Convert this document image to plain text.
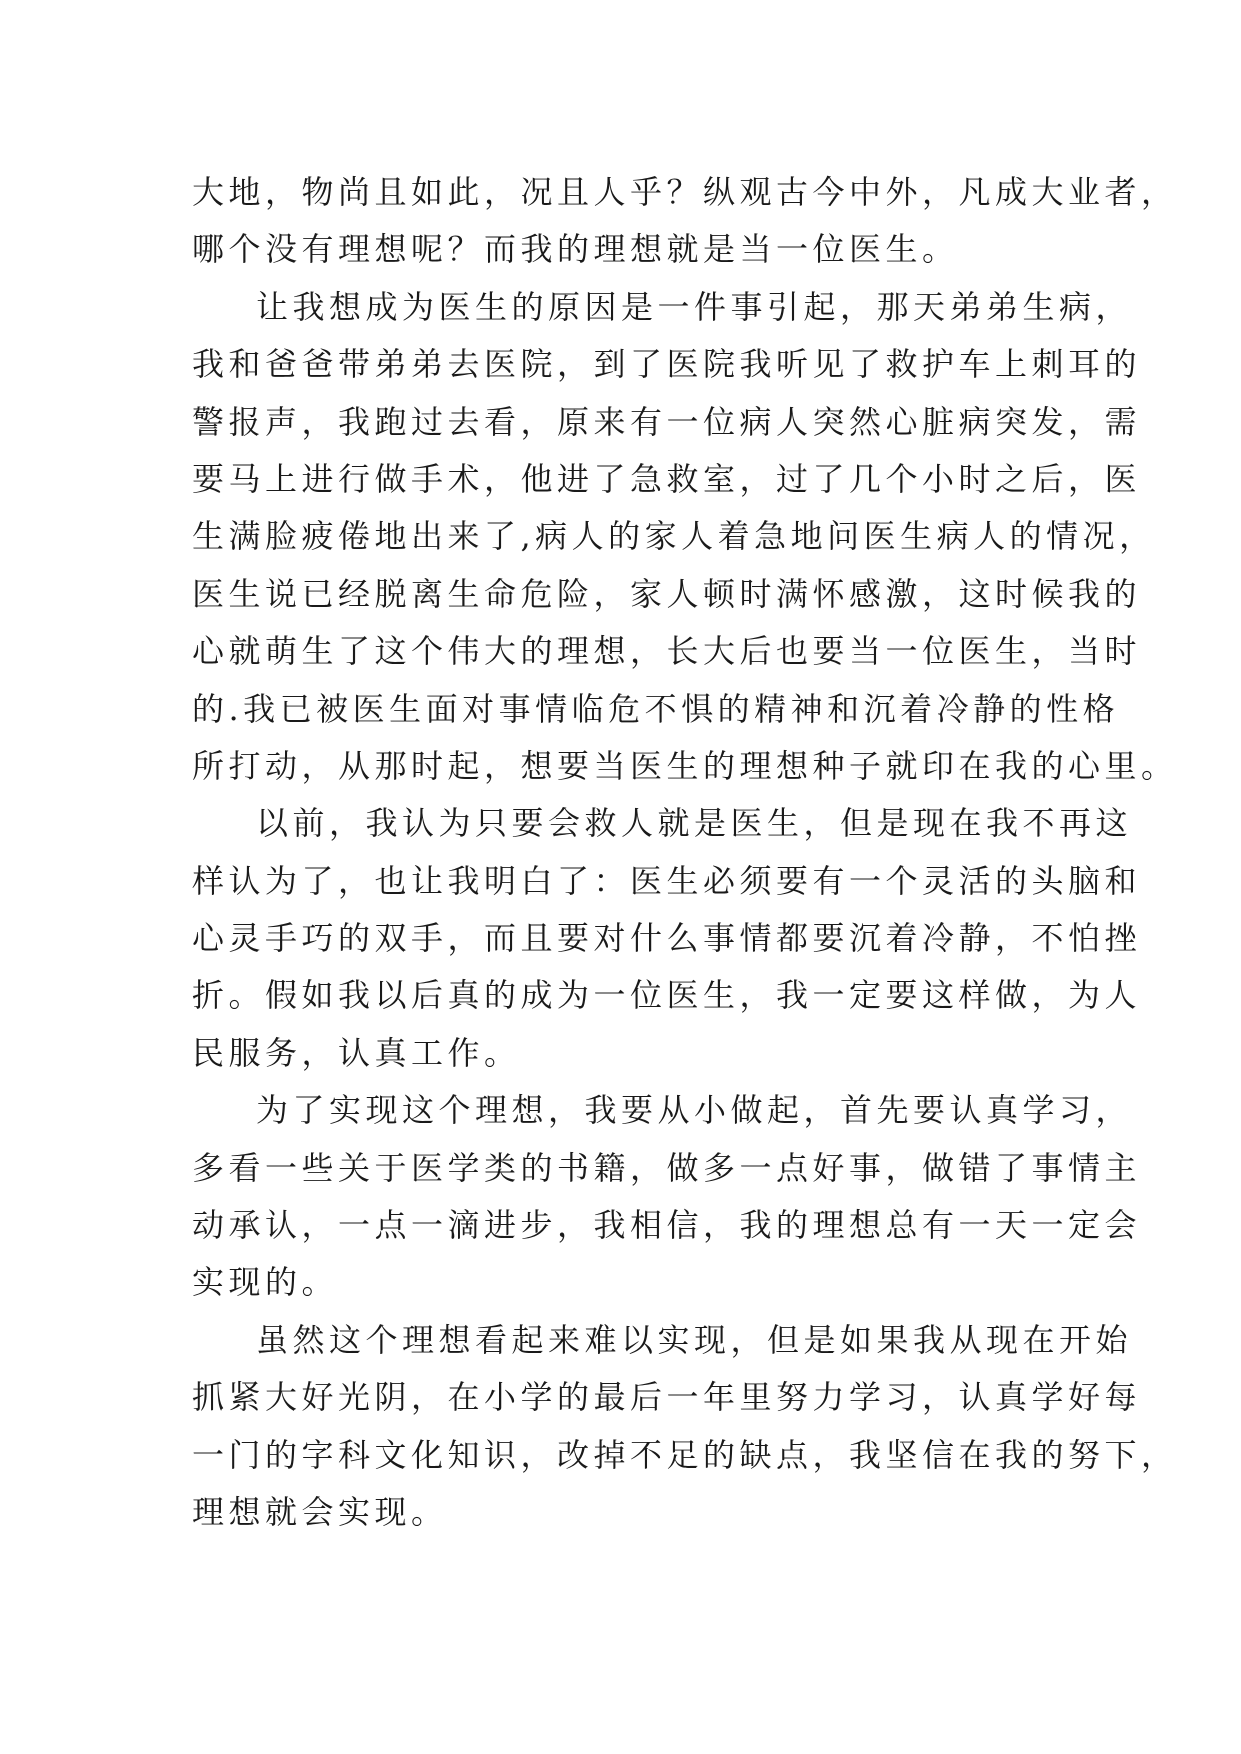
大地，物尚且如此，况且人乎？纵观古今中外，凡成大业者，
哪个没有理想呢？而我的理想就是当一位医生。
让我想成为医生的原因是一件事引起，那天弟弟生病，
我和爸爸带弟弟去医院，到了医院我听见了救护车上刺耳的
警报声，我跑过去看，原来有一位病人突然心脏病突发，需
要马上进行做手术，他进了急救室，过了几个小时之后，医
生满脸疲倦地出来了,病人的家人着急地问医生病人的情况，
医生说已经脱离生命危险，家人顿时满怀感激，这时候我的
心就萌生了这个伟大的理想，长大后也要当一位医生，当时
的.我已被医生面对事情临危不惧的精神和沉着冷静的性格
所打动，从那时起，想要当医生的理想种子就印在我的心里。
以前，我认为只要会救人就是医生，但是现在我不再这
样认为了，也让我明白了：医生必须要有一个灵活的头脑和
心灵手巧的双手，而且要对什么事情都要沉着冷静，不怕挫
折。假如我以后真的成为一位医生，我一定要这样做，为人
民服务，认真工作。
为了实现这个理想，我要从小做起，首先要认真学习，
多看一些关于医学类的书籍，做多一点好事，做错了事情主
动承认，一点一滴进步，我相信，我的理想总有一天一定会
实现的。
虽然这个理想看起来难以实现，但是如果我从现在开始
抓紧大好光阴，在小学的最后一年里努力学习，认真学好每
一门的字科文化知识，改掉不足的缺点，我坚信在我的努下，
理想就会实现。
